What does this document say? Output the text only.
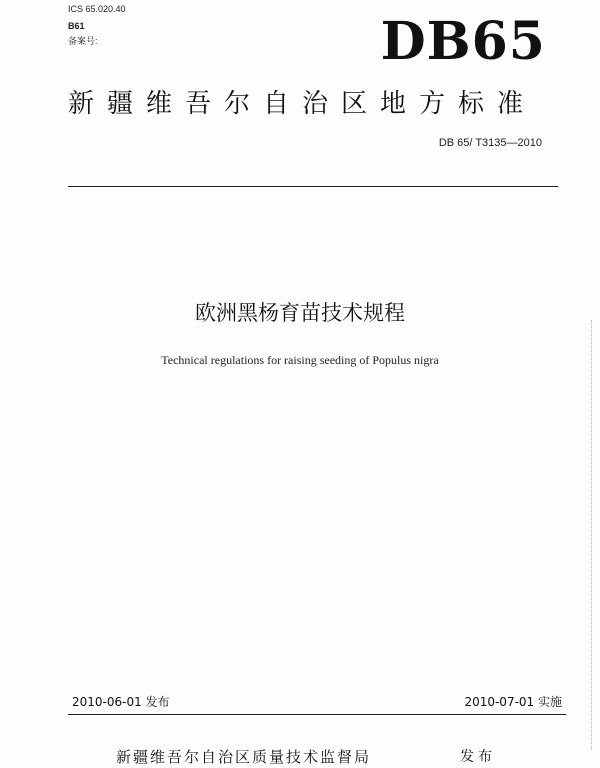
ICS 65.020.40
B61
备案号:	DB65
新疆维吾尔自治区地方标准
DB 65/ T3135—2010
欧洲黑杨育苗技术规程
Technical regulations for raising seeding of Populus nigra
2010-06-01 发布	2010-07-01 实施
新疆维吾尔自治区质量技术监督局	发布
